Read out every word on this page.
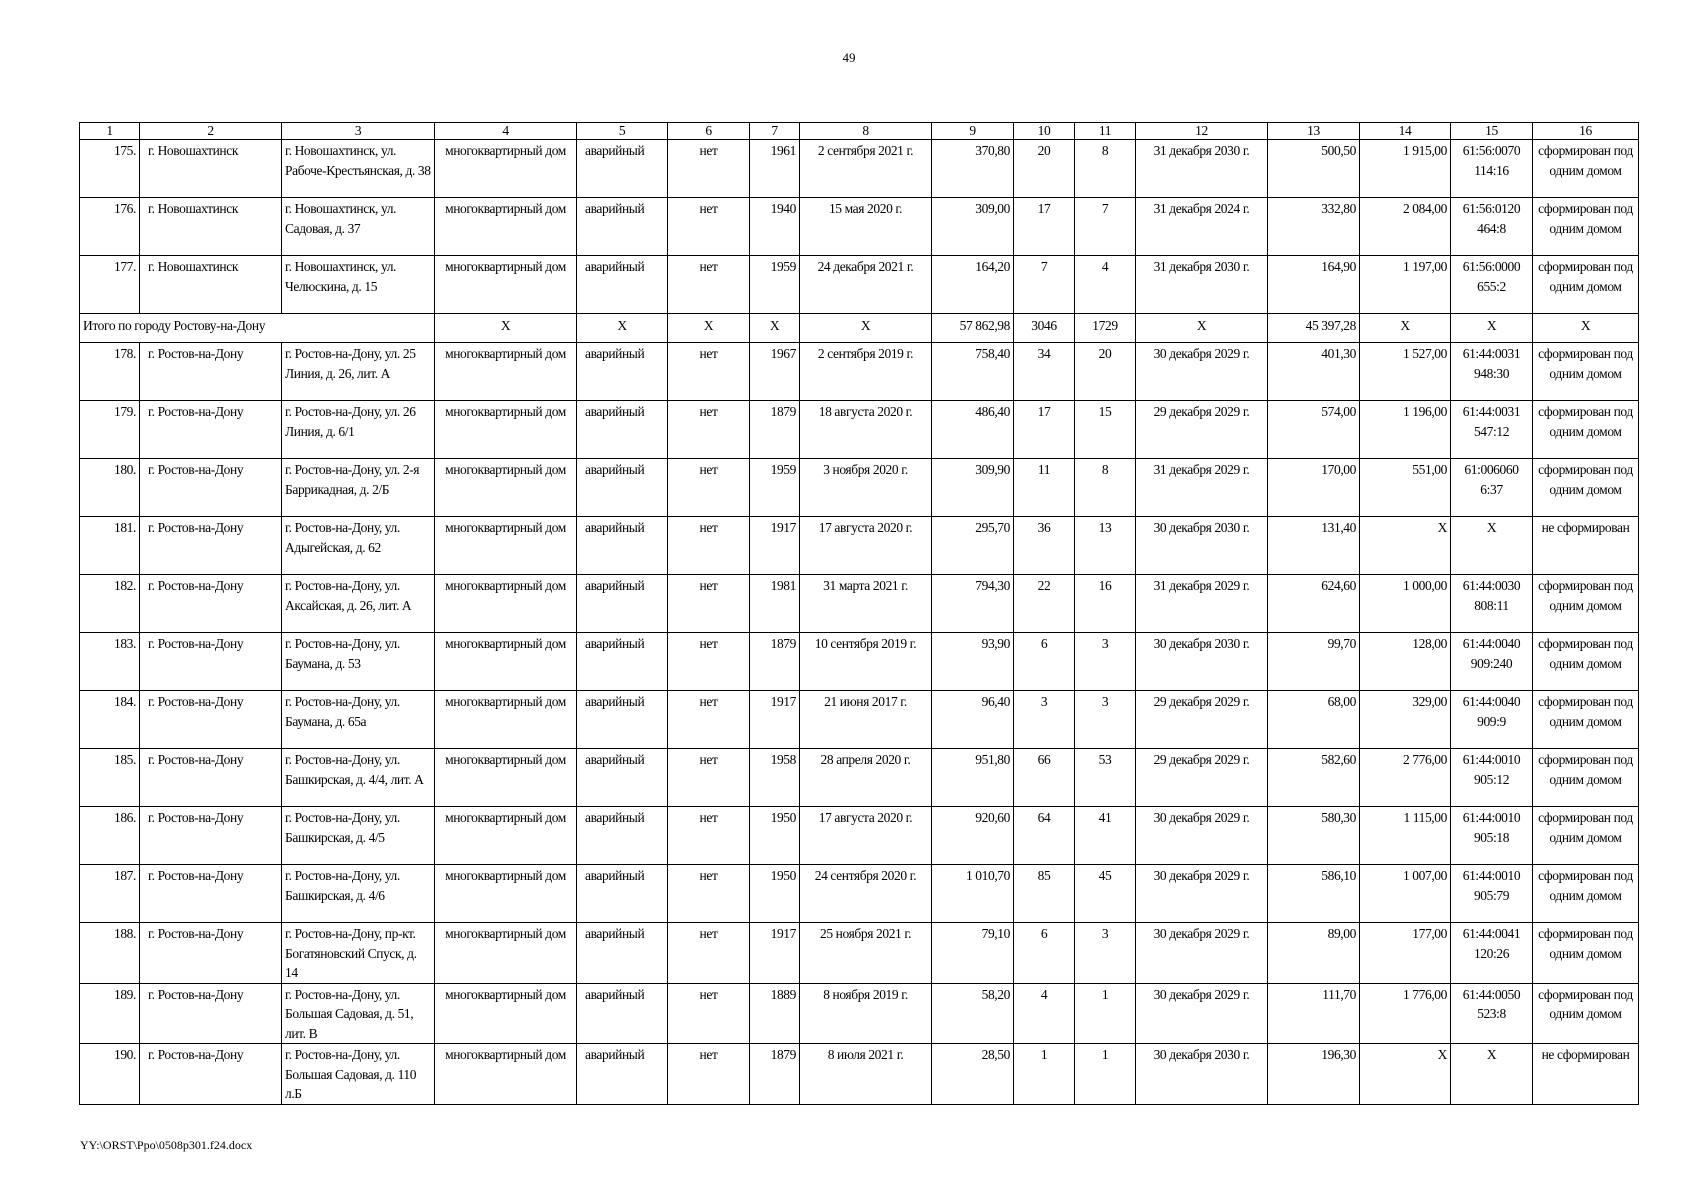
49
1	2	3	4	5	6	7	8	9	10	11	12	13	14	15	16
175.	г. Новошахтинск	г. Новошахтинск, ул. Рабоче-Крестьянская, д. 38	многоквартирный дом	аварийный	нет	1961	2 сентября 2021 г.	370,80	20	8	31 декабря 2030 г.	500,50	1 915,00	61:56:0070 114:16	сформирован под одним домом
176.	г. Новошахтинск	г. Новошахтинск, ул. Садовая, д. 37	многоквартирный дом	аварийный	нет	1940	15 мая 2020 г.	309,00	17	7	31 декабря 2024 г.	332,80	2 084,00	61:56:0120 464:8	сформирован под одним домом
177.	г. Новошахтинск	г. Новошахтинск, ул. Челюскина, д. 15	многоквартирный дом	аварийный	нет	1959	24 декабря 2021 г.	164,20	7	4	31 декабря 2030 г.	164,90	1 197,00	61:56:0000 655:2	сформирован под одним домом
Итого по городу Ростову-на-Дону			Х	Х	Х	Х	Х	57 862,98	3046	1729	Х	45 397,28	Х	Х	Х
178.	г. Ростов-на-Дону	г. Ростов-на-Дону, ул. 25 Линия, д. 26, лит. А	многоквартирный дом	аварийный	нет	1967	2 сентября 2019 г.	758,40	34	20	30 декабря 2029 г.	401,30	1 527,00	61:44:0031 948:30	сформирован под одним домом
179.	г. Ростов-на-Дону	г. Ростов-на-Дону, ул. 26 Линия, д. 6/1	многоквартирный дом	аварийный	нет	1879	18 августа 2020 г.	486,40	17	15	29 декабря 2029 г.	574,00	1 196,00	61:44:0031 547:12	сформирован под одним домом
180.	г. Ростов-на-Дону	г. Ростов-на-Дону, ул. 2-я Баррикадная, д. 2/Б	многоквартирный дом	аварийный	нет	1959	3 ноября 2020 г.	309,90	11	8	31 декабря 2029 г.	170,00	551,00	61:006060 6:37	сформирован под одним домом
181.	г. Ростов-на-Дону	г. Ростов-на-Дону, ул. Адыгейская, д. 62	многоквартирный дом	аварийный	нет	1917	17 августа 2020 г.	295,70	36	13	30 декабря 2030 г.	131,40	Х	Х	не сформирован
182.	г. Ростов-на-Дону	г. Ростов-на-Дону, ул. Аксайская, д. 26, лит. А	многоквартирный дом	аварийный	нет	1981	31 марта 2021 г.	794,30	22	16	31 декабря 2029 г.	624,60	1 000,00	61:44:0030 808:11	сформирован под одним домом
183.	г. Ростов-на-Дону	г. Ростов-на-Дону, ул. Баумана, д. 53	многоквартирный дом	аварийный	нет	1879	10 сентября 2019 г.	93,90	6	3	30 декабря 2030 г.	99,70	128,00	61:44:0040 909:240	сформирован под одним домом
184.	г. Ростов-на-Дону	г. Ростов-на-Дону, ул. Баумана, д. 65а	многоквартирный дом	аварийный	нет	1917	21 июня 2017 г.	96,40	3	3	29 декабря 2029 г.	68,00	329,00	61:44:0040 909:9	сформирован под одним домом
185.	г. Ростов-на-Дону	г. Ростов-на-Дону, ул. Башкирская, д. 4/4, лит. А	многоквартирный дом	аварийный	нет	1958	28 апреля 2020 г.	951,80	66	53	29 декабря 2029 г.	582,60	2 776,00	61:44:0010 905:12	сформирован под одним домом
186.	г. Ростов-на-Дону	г. Ростов-на-Дону, ул. Башкирская, д. 4/5	многоквартирный дом	аварийный	нет	1950	17 августа 2020 г.	920,60	64	41	30 декабря 2029 г.	580,30	1 115,00	61:44:0010 905:18	сформирован под одним домом
187.	г. Ростов-на-Дону	г. Ростов-на-Дону, ул. Башкирская, д. 4/6	многоквартирный дом	аварийный	нет	1950	24 сентября 2020 г.	1 010,70	85	45	30 декабря 2029 г.	586,10	1 007,00	61:44:0010 905:79	сформирован под одним домом
188.	г. Ростов-на-Дону	г. Ростов-на-Дону, пр-кт. Богатяновский Спуск, д. 14	многоквартирный дом	аварийный	нет	1917	25 ноября 2021 г.	79,10	6	3	30 декабря 2029 г.	89,00	177,00	61:44:0041 120:26	сформирован под одним домом
189.	г. Ростов-на-Дону	г. Ростов-на-Дону, ул. Большая Садовая, д. 51, лит. В	многоквартирный дом	аварийный	нет	1889	8 ноября 2019 г.	58,20	4	1	30 декабря 2029 г.	111,70	1 776,00	61:44:0050 523:8	сформирован под одним домом
190.	г. Ростов-на-Дону	г. Ростов-на-Дону, ул. Большая Садовая, д. 110 л.Б	многоквартирный дом	аварийный	нет	1879	8 июля 2021 г.	28,50	1	1	30 декабря 2030 г.	196,30	Х	Х	не сформирован
YY:\ORST\Ppo\0508p301.f24.docx
